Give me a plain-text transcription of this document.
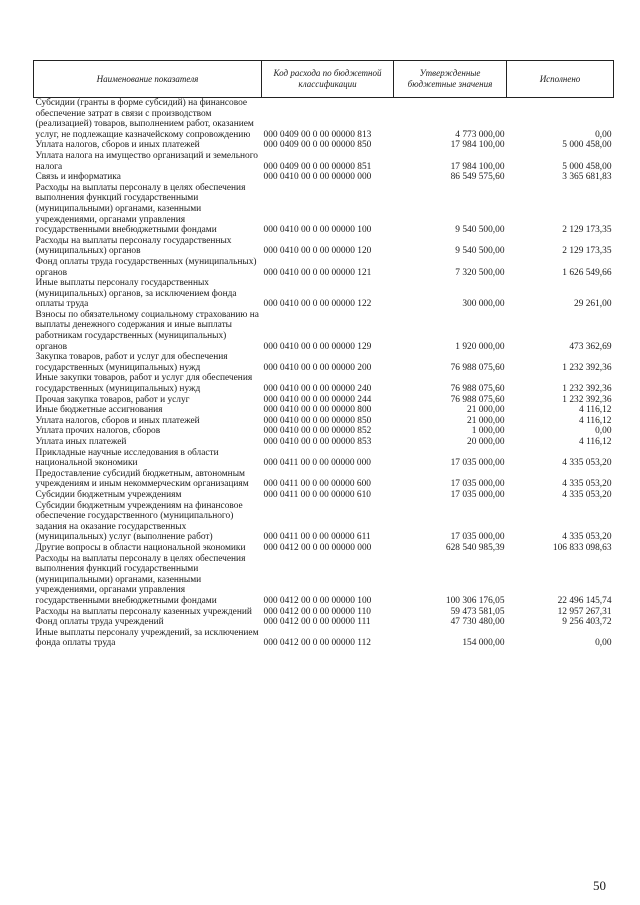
Наименование показателя	Код расхода по бюджетной классификации	Утвержденные бюджетные значения	Исполнено
Субсидии (гранты в форме субсидий) на финансовое обеспечение затрат в связи с производством (реализацией) товаров, выполнением работ, оказанием услуг, не подлежащие казначейскому сопровождению	000 0409 00 0 00 00000 813	4 773 000,00	0,00
Уплата налогов, сборов и иных платежей	000 0409 00 0 00 00000 850	17 984 100,00	5 000 458,00
Уплата налога на имущество организаций и земельного налога	000 0409 00 0 00 00000 851	17 984 100,00	5 000 458,00
Связь и информатика	000 0410 00 0 00 00000 000	86 549 575,60	3 365 681,83
Расходы на выплаты персоналу в целях обеспечения выполнения функций государственными (муниципальными) органами, казенными учреждениями, органами управления государственными внебюджетными фондами	000 0410 00 0 00 00000 100	9 540 500,00	2 129 173,35
Расходы на выплаты персоналу государственных (муниципальных) органов	000 0410 00 0 00 00000 120	9 540 500,00	2 129 173,35
Фонд оплаты труда государственных (муниципальных) органов	000 0410 00 0 00 00000 121	7 320 500,00	1 626 549,66
Иные выплаты персоналу государственных (муниципальных) органов, за исключением фонда оплаты труда	000 0410 00 0 00 00000 122	300 000,00	29 261,00
Взносы по обязательному социальному страхованию на выплаты денежного содержания и иные выплаты работникам государственных (муниципальных) органов	000 0410 00 0 00 00000 129	1 920 000,00	473 362,69
Закупка товаров, работ и услуг для обеспечения государственных (муниципальных) нужд	000 0410 00 0 00 00000 200	76 988 075,60	1 232 392,36
Иные закупки товаров, работ и услуг для обеспечения государственных (муниципальных) нужд	000 0410 00 0 00 00000 240	76 988 075,60	1 232 392,36
Прочая закупка товаров, работ и услуг	000 0410 00 0 00 00000 244	76 988 075,60	1 232 392,36
Иные бюджетные ассигнования	000 0410 00 0 00 00000 800	21 000,00	4 116,12
Уплата налогов, сборов и иных платежей	000 0410 00 0 00 00000 850	21 000,00	4 116,12
Уплата прочих налогов, сборов	000 0410 00 0 00 00000 852	1 000,00	0,00
Уплата иных платежей	000 0410 00 0 00 00000 853	20 000,00	4 116,12
Прикладные научные исследования в области национальной экономики	000 0411 00 0 00 00000 000	17 035 000,00	4 335 053,20
Предоставление субсидий бюджетным, автономным учреждениям и иным некоммерческим организациям	000 0411 00 0 00 00000 600	17 035 000,00	4 335 053,20
Субсидии бюджетным учреждениям	000 0411 00 0 00 00000 610	17 035 000,00	4 335 053,20
Субсидии бюджетным учреждениям на финансовое обеспечение государственного (муниципального) задания на оказание государственных (муниципальных) услуг (выполнение работ)	000 0411 00 0 00 00000 611	17 035 000,00	4 335 053,20
Другие вопросы в области национальной экономики	000 0412 00 0 00 00000 000	628 540 985,39	106 833 098,63
Расходы на выплаты персоналу в целях обеспечения выполнения функций государственными (муниципальными) органами, казенными учреждениями, органами управления государственными внебюджетными фондами	000 0412 00 0 00 00000 100	100 306 176,05	22 496 145,74
Расходы на выплаты персоналу казенных учреждений	000 0412 00 0 00 00000 110	59 473 581,05	12 957 267,31
Фонд оплаты труда учреждений	000 0412 00 0 00 00000 111	47 730 480,00	9 256 403,72
Иные выплаты персоналу учреждений, за исключением фонда оплаты труда	000 0412 00 0 00 00000 112	154 000,00	0,00
50
